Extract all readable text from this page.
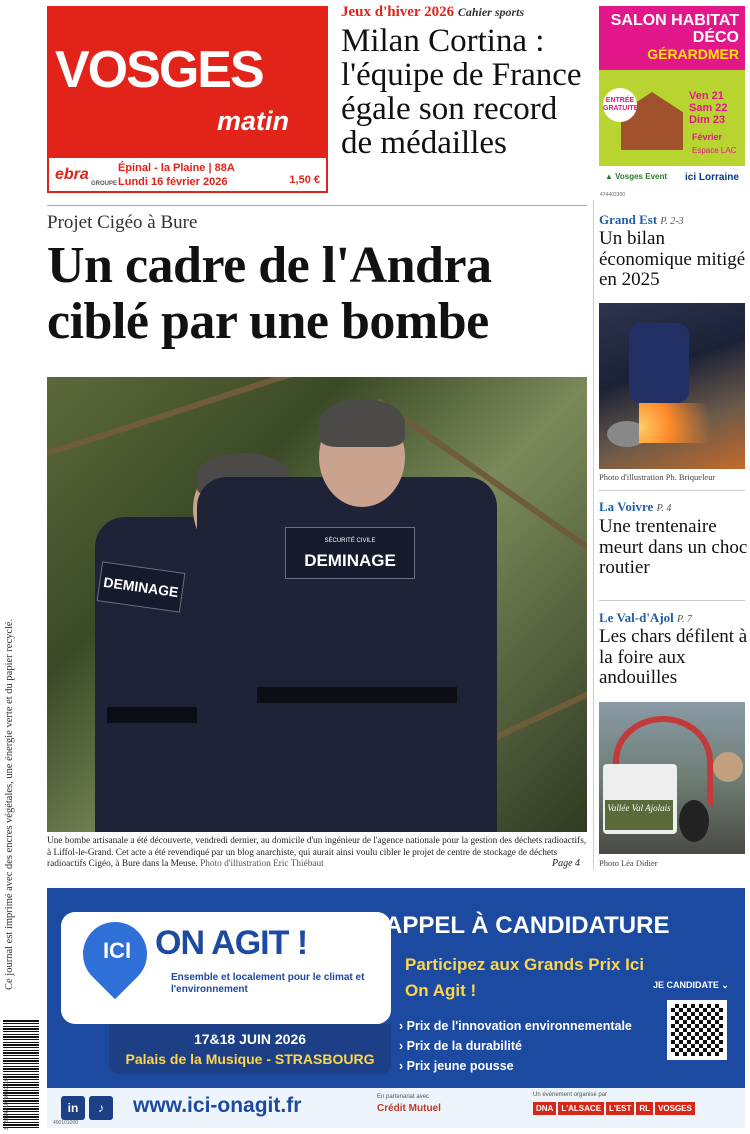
VOSGES
matin
ebra
GROUPE
Épinal - la Plaine | 88A
Lundi 16 février 2026	1,50 €
Jeux d'hiver 2026 Cahier sports
Milan Cortina : l'équipe de France égale son record de médailles
SALON HABITAT DÉCO
GÉRARDMER
ENTRÉE GRATUITE
Ven 21
Sam 22
Dim 23
Février
Espace LAC
▲ Vosges Event ici Lorraine
474402300
Projet Cigéo à Bure
Un cadre de l'Andra ciblé par une bombe
DEMINAGE
SÉCURITÉ CIVILE
DEMINAGE
Une bombe artisanale a été découverte, vendredi dernier, au domicile d'un ingénieur de l'agence nationale pour la gestion des déchets radioactifs, à Liffol-le-Grand. Cet acte a été revendiqué par un blog anarchiste, qui aurait ainsi voulu cibler le projet de centre de stockage de déchets radioactifs Cigéo, à Bure dans la Meuse. Photo d'illustration Eric Thiébaut	Page 4
Grand Est P. 2-3
Un bilan économique mitigé en 2025
Photo d'illustration Ph. Briqueleur
La Voivre P. 4
Une trentenaire meurt dans un choc routier
Le Val-d'Ajol P. 7
Les chars défilent à la foire aux andouilles
Vallée Val Ajolais
Photo Léa Didier
Ce journal est imprimé avec des encres végétales, une énergie verte et du papier recyclé.
3 782649 101503 02160
ICI ON AGIT !
Ensemble et localement pour le climat et l'environnement
17&18 JUIN 2026
Palais de la Musique - STRASBOURG
APPEL À CANDIDATURE
Participez aux Grands Prix Ici On Agit !	JE CANDIDATE ⌄
› Prix de l'innovation environnementale
› Prix de la durabilité
› Prix jeune pousse
in ♪	www.ici-onagit.fr	En partenariat avec
Crédit Mutuel
Un événement organisé par
DNA L'ALSACE L'EST RL VOSGES
490101000
